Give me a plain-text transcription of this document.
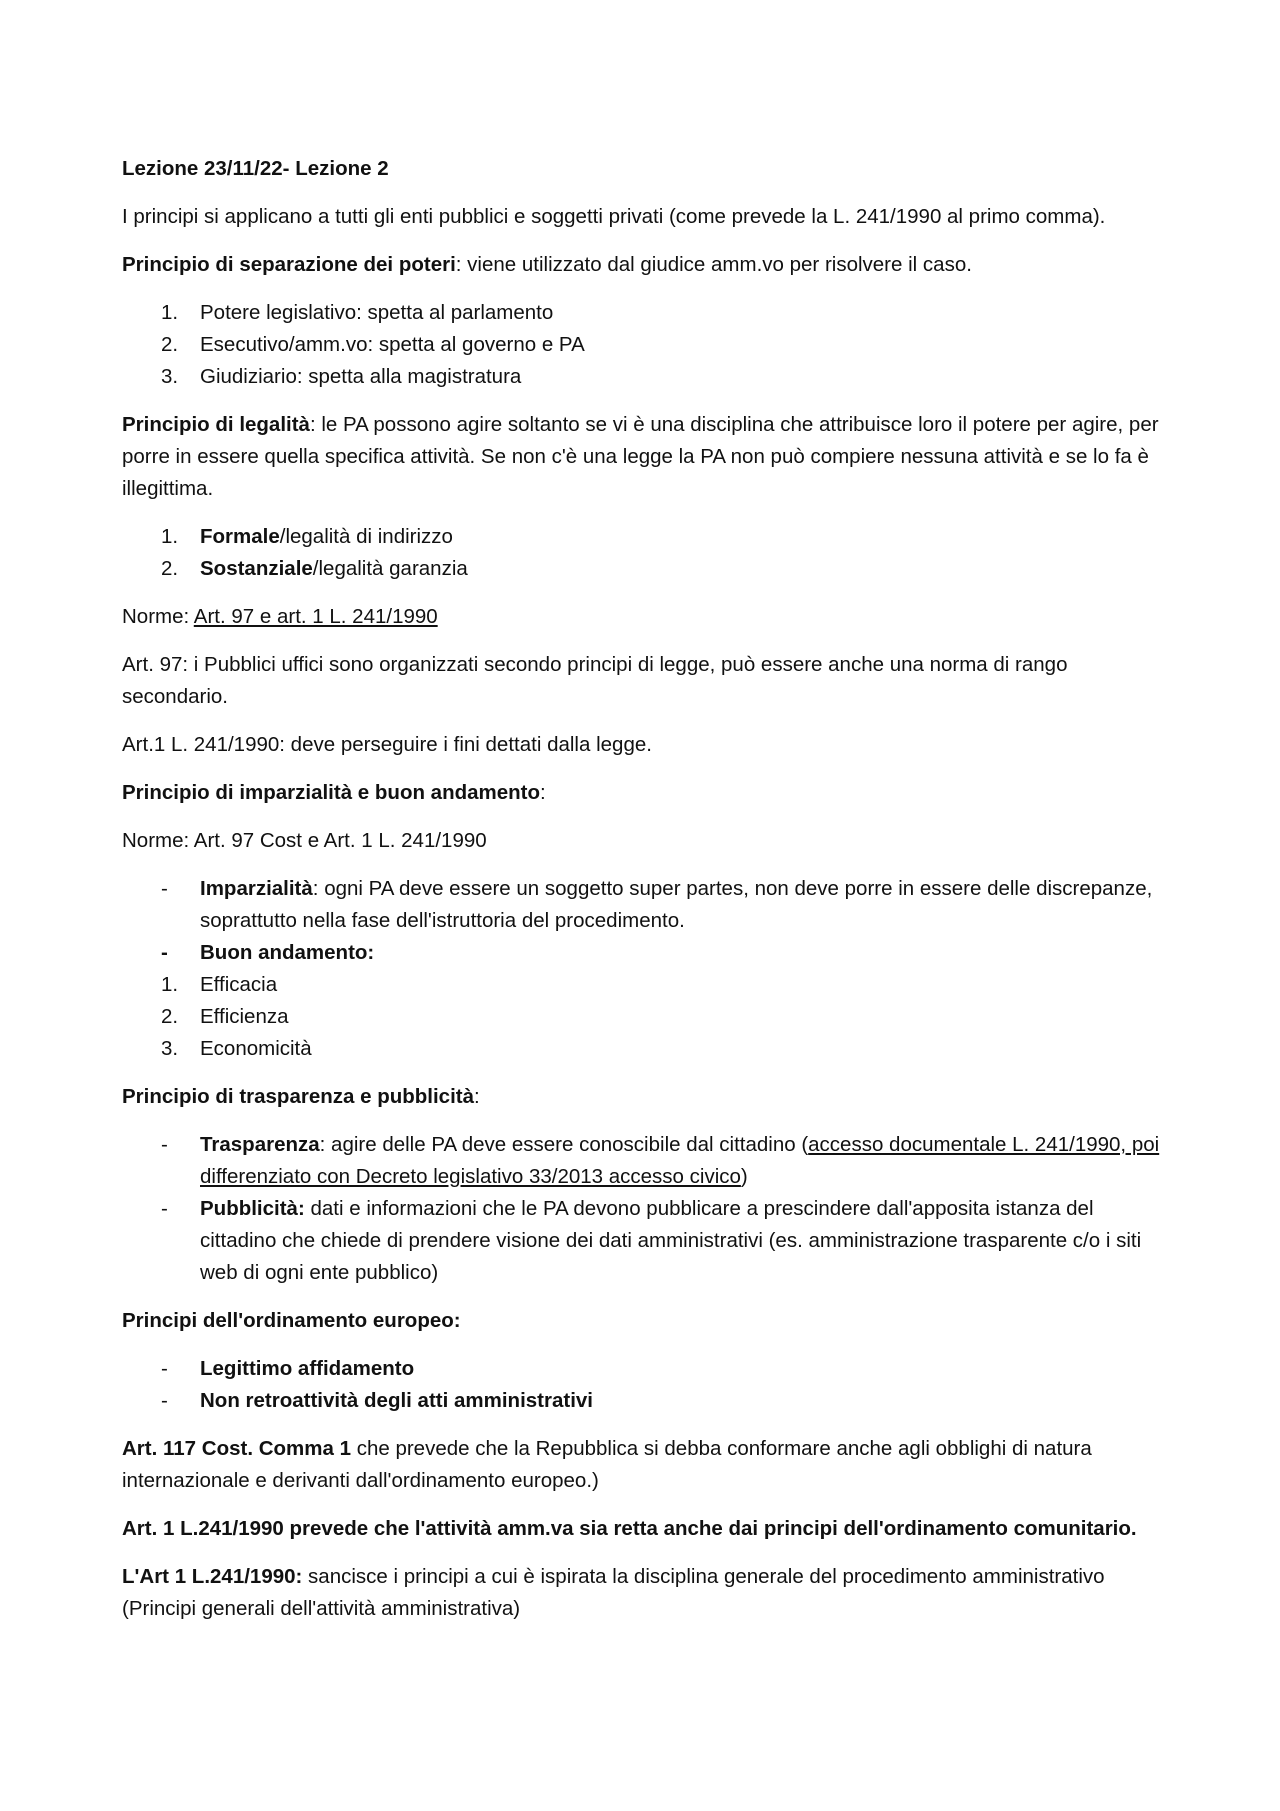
Lezione 23/11/22- Lezione 2

I principi si applicano a tutti gli enti pubblici e soggetti privati (come prevede la L. 241/1990 al primo comma).

Principio di separazione dei poteri: viene utilizzato dal giudice amm.vo per risolvere il caso.

1.	Potere legislativo: spetta al parlamento
2.	Esecutivo/amm.vo: spetta al governo e PA
3.	Giudiziario: spetta alla magistratura

Principio di legalità: le PA possono agire soltanto se vi è una disciplina che attribuisce loro il potere per agire, per porre in essere quella specifica attività. Se non c'è una legge la PA non può compiere nessuna attività e se lo fa è illegittima.

1.	Formale/legalità di indirizzo
2.	Sostanziale/legalità garanzia

Norme: Art. 97 e art. 1 L. 241/1990

Art. 97: i Pubblici uffici sono organizzati secondo principi di legge, può essere anche una norma di rango secondario.

Art.1 L. 241/1990: deve perseguire i fini dettati dalla legge.

Principio di imparzialità e buon andamento:

Norme: Art. 97 Cost e Art. 1 L. 241/1990

-	Imparzialità: ogni PA deve essere un soggetto super partes, non deve porre in essere delle discrepanze, soprattutto nella fase dell'istruttoria del procedimento.
-	Buon andamento:
1.	Efficacia
2.	Efficienza
3.	Economicità

Principio di trasparenza e pubblicità:

-	Trasparenza: agire delle PA deve essere conoscibile dal cittadino (accesso documentale L. 241/1990, poi differenziato con Decreto legislativo 33/2013 accesso civico)
-	Pubblicità: dati e informazioni che le PA devono pubblicare a prescindere dall'apposita istanza del cittadino che chiede di prendere visione dei dati amministrativi (es. amministrazione trasparente c/o i siti web di ogni ente pubblico)

Principi dell'ordinamento europeo:

-	Legittimo affidamento
-	Non retroattività degli atti amministrativi

Art. 117 Cost. Comma 1 che prevede che la Repubblica si debba conformare anche agli obblighi di natura internazionale e derivanti dall'ordinamento europeo.)

Art. 1 L.241/1990 prevede che l'attività amm.va sia retta anche dai principi dell'ordinamento comunitario.

L'Art 1 L.241/1990: sancisce i principi a cui è ispirata la disciplina generale del procedimento amministrativo (Principi generali dell'attività amministrativa)
